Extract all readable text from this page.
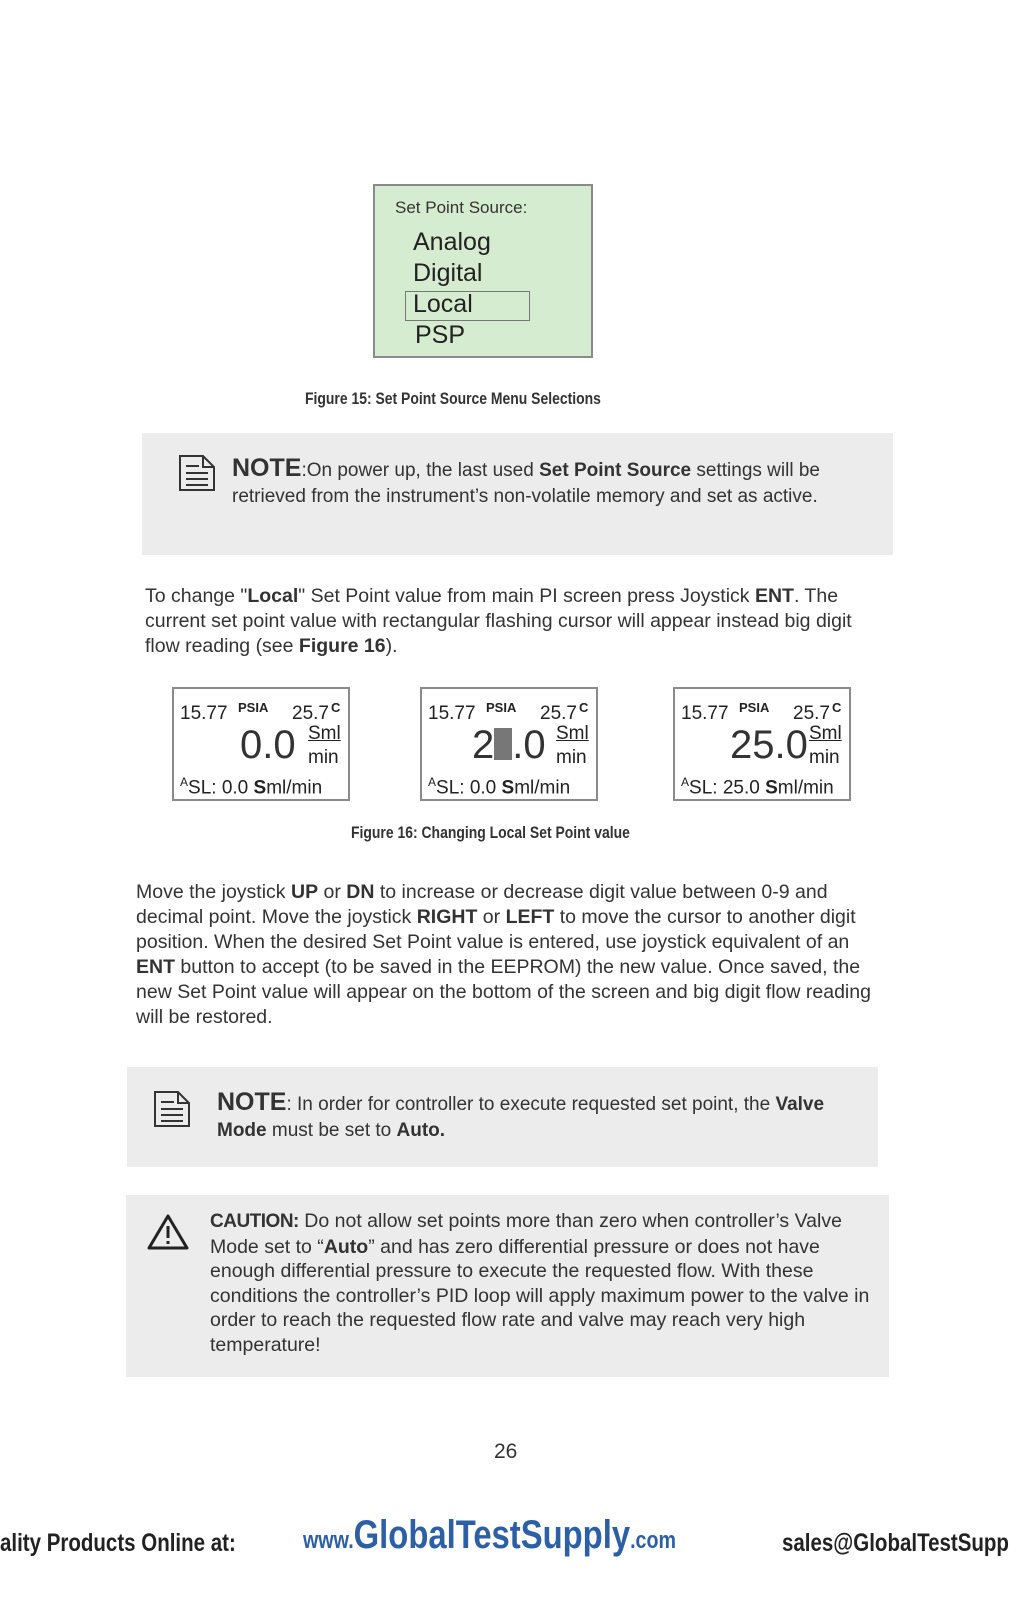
Set Point Source:
Analog
Digital
Local
PSP
Figure 15: Set Point Source Menu Selections
NOTE:On power up, the last used Set Point Source settings will be retrieved from the instrument’s non-volatile memory and set as active.
To change "Local" Set Point value from main PI screen press Joystick ENT. The current set point value with rectangular flashing cursor will appear instead big digit flow reading (see Figure 16).
15.77 PSIA 25.7 C
0.0 Sml
min
$^A$SL: 0.0 Sml/min
15.77 PSIA 25.7 C
2 .0 Sml
min
$^A$SL: 0.0 Sml/min
15.77 PSIA 25.7 C
25.0 Sml
min
$^A$SL: 25.0 Sml/min
Figure 16: Changing Local Set Point value
Move the joystick UP or DN to increase or decrease digit value between 0-9 and decimal point. Move the joystick RIGHT or LEFT to move the cursor to another digit position. When the desired Set Point value is entered, use joystick equivalent of an ENT button to accept (to be saved in the EEPROM) the new value. Once saved, the new Set Point value will appear on the bottom of the screen and big digit flow reading will be restored.
NOTE: In order for controller to execute requested set point, the Valve Mode must be set to Auto.
CAUTION: Do not allow set points more than zero when controller’s Valve Mode set to “Auto” and has zero differential pressure or does not have enough differential pressure to execute the requested flow. With these conditions the controller’s PID loop will apply maximum power to the valve in order to reach the requested flow rate and valve may reach very high temperature!
26
ality Products Online at:	www.GlobalTestSupply.com	sales@GlobalTestSupp
